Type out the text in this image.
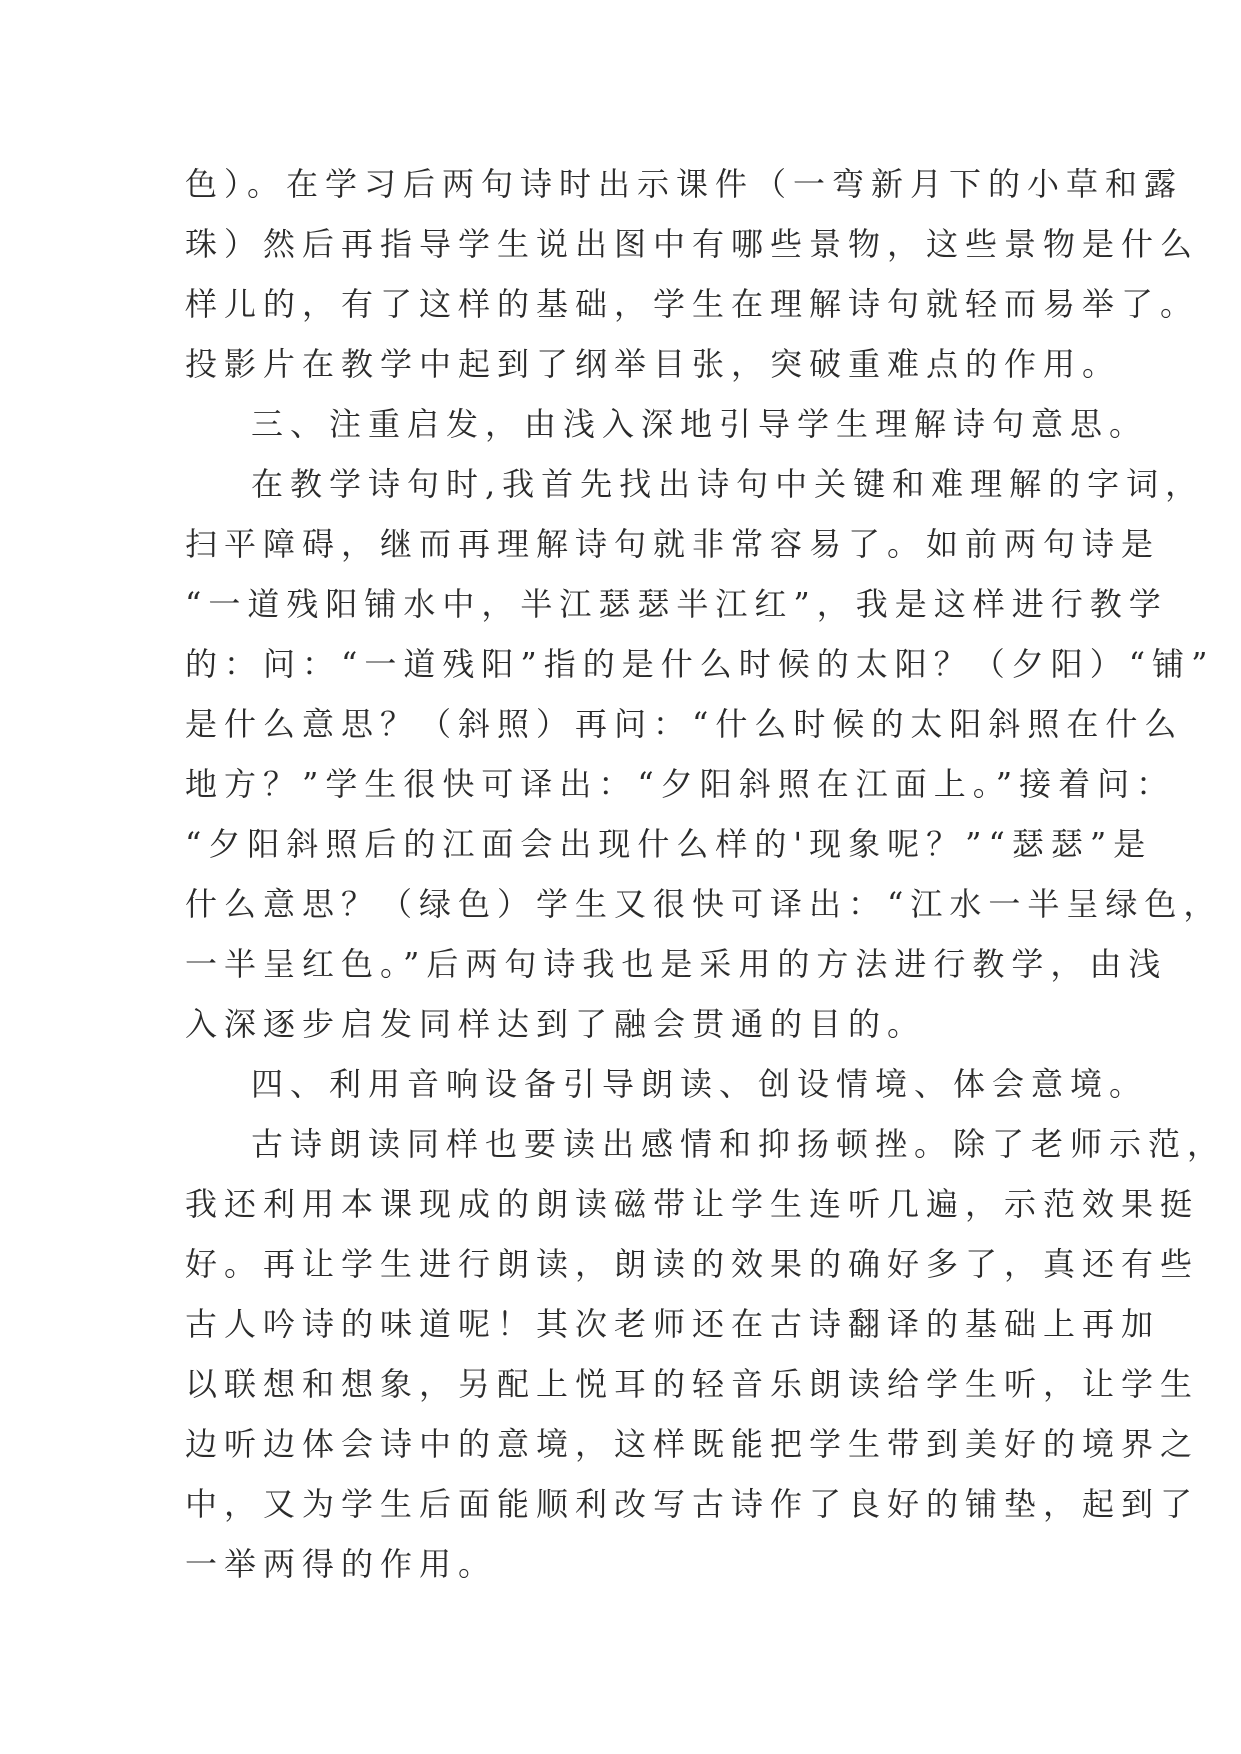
色）。在学习后两句诗时出示课件（一弯新月下的小草和露
珠）然后再指导学生说出图中有哪些景物，这些景物是什么
样儿的，有了这样的基础，学生在理解诗句就轻而易举了。
投影片在教学中起到了纲举目张，突破重难点的作用。
三、注重启发，由浅入深地引导学生理解诗句意思。
在教学诗句时,我首先找出诗句中关键和难理解的字词，
扫平障碍，继而再理解诗句就非常容易了。如前两句诗是
“一道残阳铺水中，半江瑟瑟半江红”，我是这样进行教学
的：问：“一道残阳”指的是什么时候的太阳？（夕阳）“铺”
是什么意思？（斜照）再问：“什么时候的太阳斜照在什么
地方？”学生很快可译出：“夕阳斜照在江面上。”接着问：
“夕阳斜照后的江面会出现什么样的'现象呢？”“瑟瑟”是
什么意思？（绿色）学生又很快可译出：“江水一半呈绿色，
一半呈红色。”后两句诗我也是采用的方法进行教学，由浅
入深逐步启发同样达到了融会贯通的目的。
四、利用音响设备引导朗读、创设情境、体会意境。
古诗朗读同样也要读出感情和抑扬顿挫。除了老师示范，
我还利用本课现成的朗读磁带让学生连听几遍，示范效果挺
好。再让学生进行朗读，朗读的效果的确好多了，真还有些
古人吟诗的味道呢！其次老师还在古诗翻译的基础上再加
以联想和想象，另配上悦耳的轻音乐朗读给学生听，让学生
边听边体会诗中的意境，这样既能把学生带到美好的境界之
中，又为学生后面能顺利改写古诗作了良好的铺垫，起到了
一举两得的作用。
